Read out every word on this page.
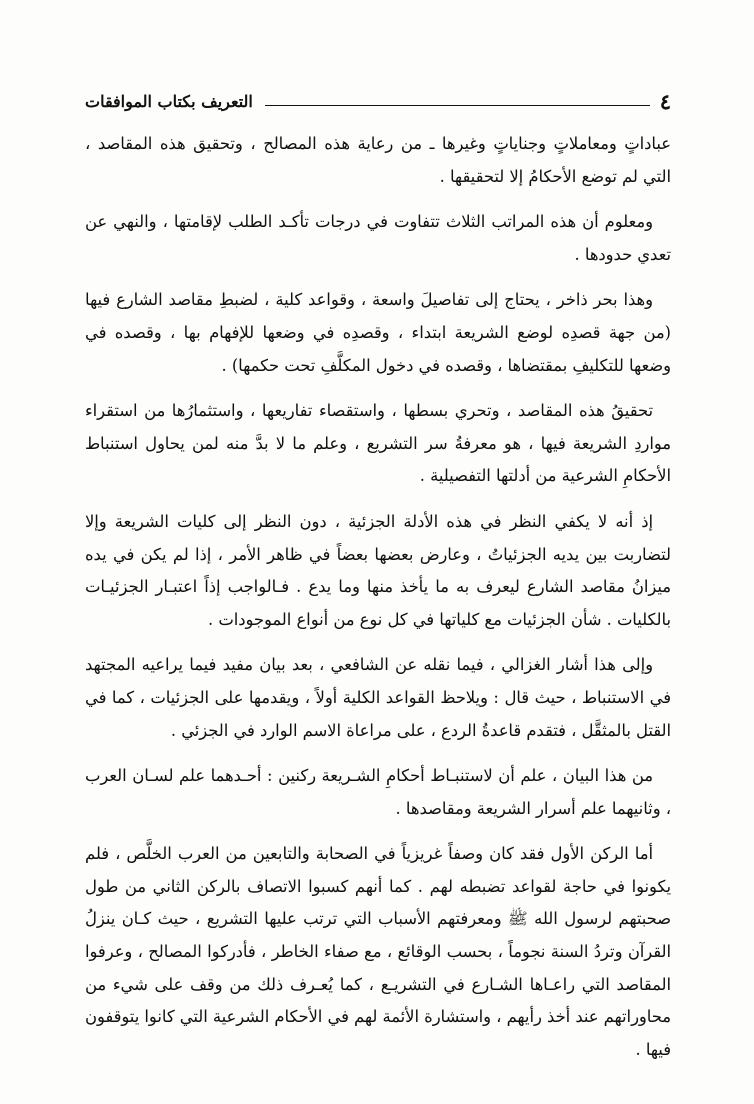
٤
التعريف بكتاب الموافقات

عباداتٍ ومعاملاتٍ وجناياتٍ وغيرها ـ من رعاية هذه المصالح ، وتحقيق هذه المقاصد ، التي لم توضع الأحكامُ إلا لتحقيقها .

ومعلوم أن هذه المراتب الثلاث تتفاوت في درجات تأكـد الطلب لإقامتها ، والنهي عن تعدي حدودها .

وهذا بحر ذاخر ، يحتاج إلى تفاصيلَ واسعة ، وقواعد كلية ، لضبطِ مقاصد الشارع فيها (من جهة قصدِه لوضع الشريعة ابتداء ، وقصدِه في وضعها للإفهام بها ، وقصده في وضعها للتكليفِ بمقتضاها ، وقصده في دخول المكلَّفِ تحت حكمها) .

تحقيقُ هذه المقاصد ، وتحري بسطها ، واستقصاء تفاريعها ، واستثمارُها من استقراء مواردِ الشريعة فيها ، هو معرفةُ سر التشريع ، وعلم ما لا بدَّ منه لمن يحاول استنباط الأحكامِ الشرعية من أدلتها التفصيلية .

إذ أنه لا يكفي النظر في هذه الأدلة الجزئية ، دون النظر إلى كليات الشريعة وإلا لتضاربت بين يديه الجزئياتُ ، وعارض بعضها بعضاً في ظاهر الأمر ، إذا لم يكن في يده ميزانُ مقاصد الشارع ليعرف به ما يأخذ منها وما يدع . فـالواجب إذاً اعتبـار الجزئيـات بالكليات . شأن الجزئيات مع كلياتها في كل نوع من أنواع الموجودات .

وإلى هذا أشار الغزالي ، فيما نقله عن الشافعي ، بعد بيان مفيد فيما يراعيه المجتهد في الاستنباط ، حيث قال : ويلاحظ القواعد الكلية أولاً ، ويقدمها على الجزئيات ، كما في القتل بالمثقَّل ، فتقدم قاعدةُ الردع ، على مراعاة الاسم الوارد في الجزئي .

من هذا البيان ، علم أن لاستنبـاط أحكامِ الشـريعة ركنين : أحـدهما علم لسـان العرب ، وثانيهما علم أسرار الشريعة ومقاصدها .

أما الركن الأول فقد كان وصفاً غريزياً في الصحابة والتابعين من العرب الخلَّص ، فلم يكونوا في حاجة لقواعد تضبطه لهم . كما أنهم كسبوا الاتصاف بالركن الثاني من طول صحبتهم لرسول الله ﷺ ومعرفتهم الأسباب التي ترتب عليها التشريع ، حيث كـان ينزلُ القرآن وتردُ السنة نجوماً ، بحسب الوقائع ، مع صفاء الخاطر ، فأدركوا المصالح ، وعرفوا المقاصد التي راعـاها الشـارع في التشريـع ، كما يُعـرف ذلك من وقف على شيء من محاوراتهم عند أخذ رأيهم ، واستشارة الأئمة لهم في الأحكام الشرعية التي كانوا يتوقفون فيها .
